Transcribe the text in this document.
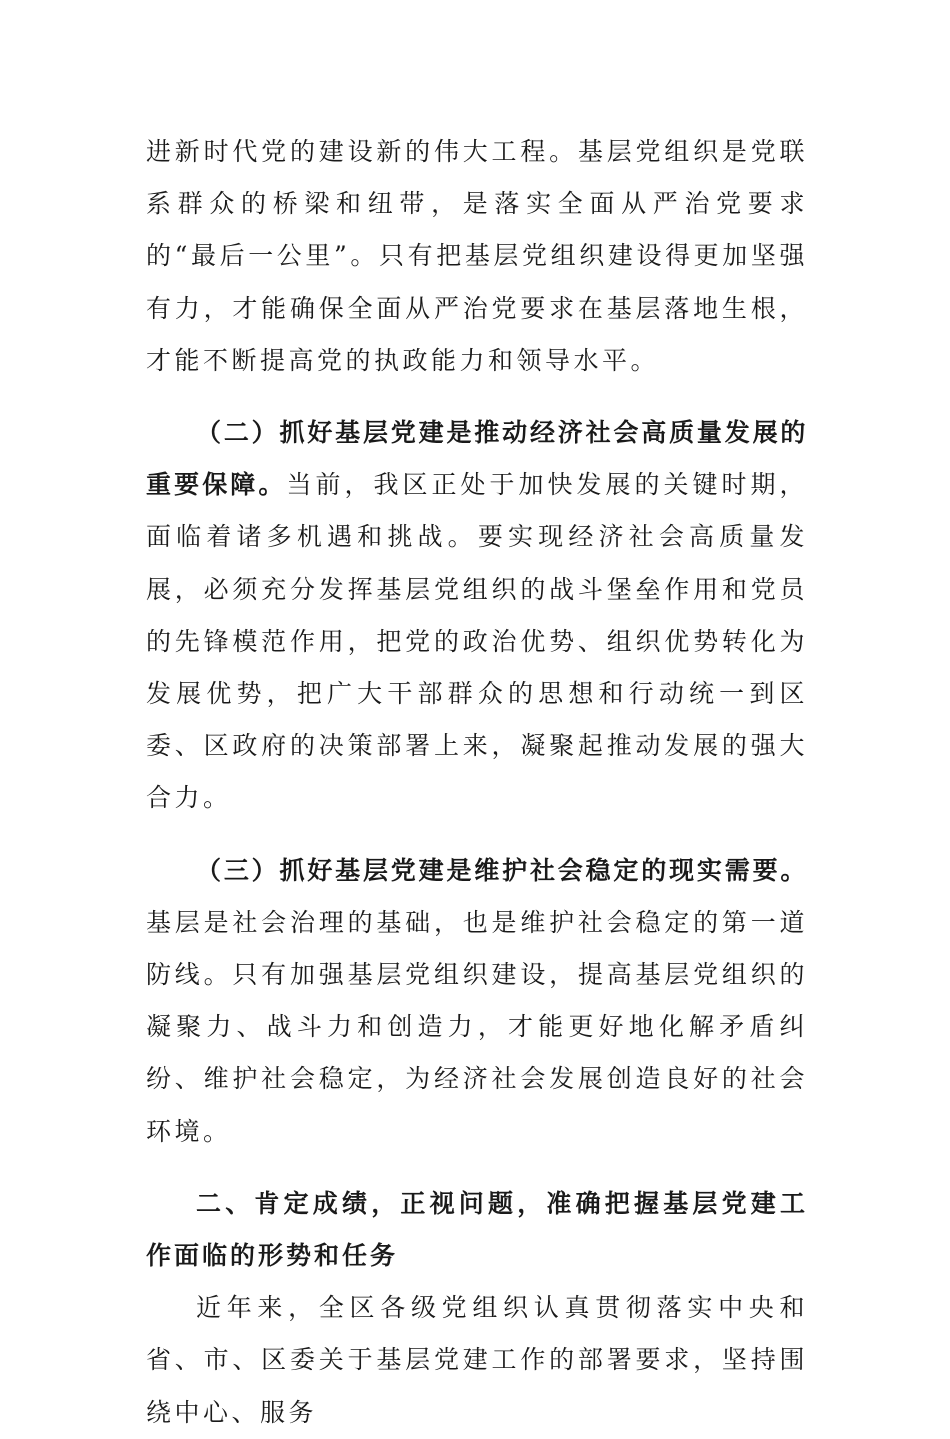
进新时代党的建设新的伟大工程。基层党组织是党联系群众的桥梁和纽带，是落实全面从严治党要求的“最后一公里”。只有把基层党组织建设得更加坚强有力，才能确保全面从严治党要求在基层落地生根，才能不断提高党的执政能力和领导水平。

（二）抓好基层党建是推动经济社会高质量发展的重要保障。当前，我区正处于加快发展的关键时期，面临着诸多机遇和挑战。要实现经济社会高质量发展，必须充分发挥基层党组织的战斗堡垒作用和党员的先锋模范作用，把党的政治优势、组织优势转化为发展优势，把广大干部群众的思想和行动统一到区委、区政府的决策部署上来，凝聚起推动发展的强大合力。

（三）抓好基层党建是维护社会稳定的现实需要。基层是社会治理的基础，也是维护社会稳定的第一道防线。只有加强基层党组织建设，提高基层党组织的凝聚力、战斗力和创造力，才能更好地化解矛盾纠纷、维护社会稳定，为经济社会发展创造良好的社会环境。

二、肯定成绩，正视问题，准确把握基层党建工作面临的形势和任务

近年来，全区各级党组织认真贯彻落实中央和省、市、区委关于基层党建工作的部署要求，坚持围绕中心、服务
